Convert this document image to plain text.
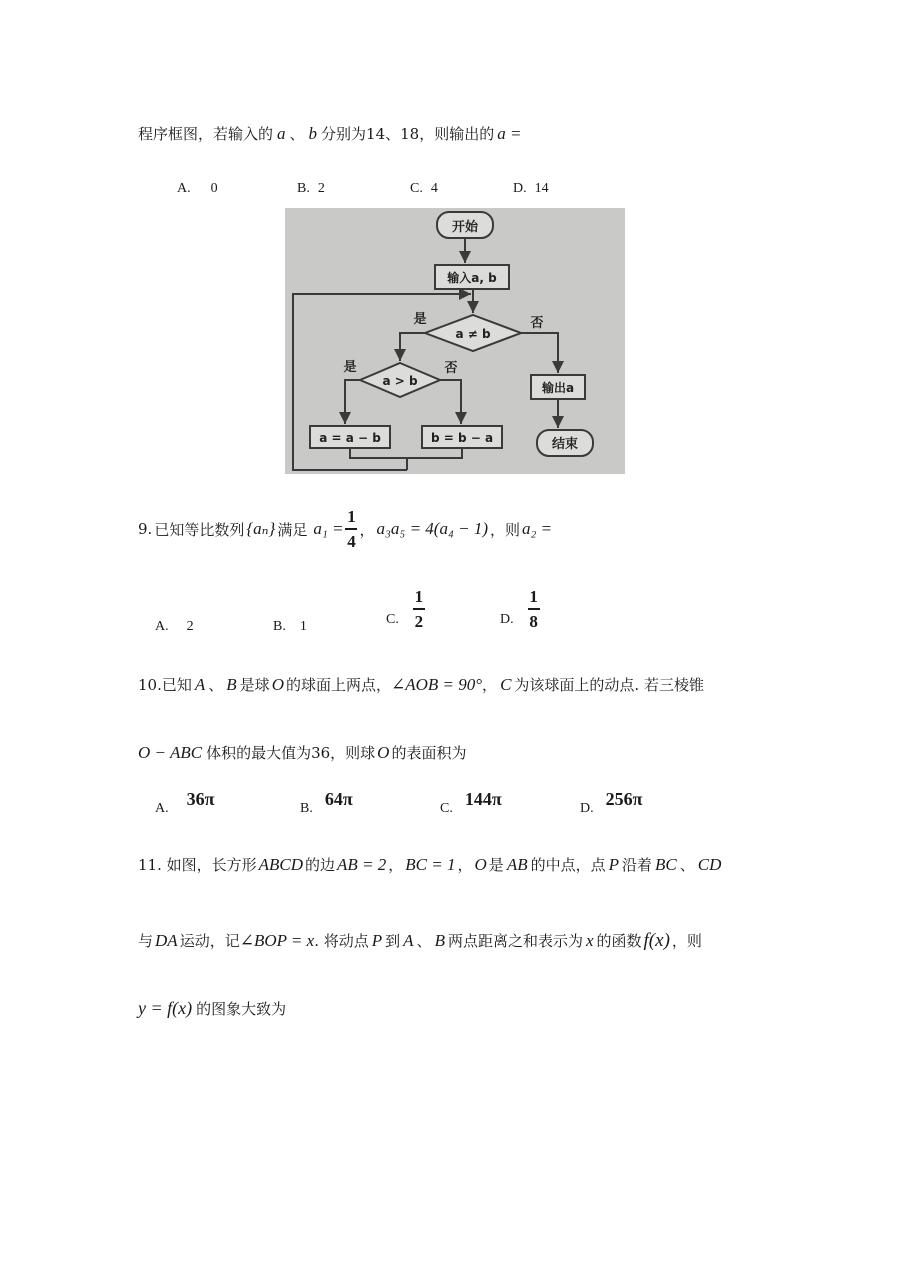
程序框图，若输入的 a 、 b 分别为14、18，则输出的 a =
A. 0	B. 2	C. 4	D. 14
开始
输入a, b
a ≠ b
是	否
a > b
是	否
a = a − b	b = b − a
输出a
结束
9. 已知等比数列 {aₙ} 满足 $a_1 = \frac{1}{4}$ ， a₃a₅ = 4(a₄ − 1) ，则 a₂ =
A. 2	B. 1	C. $\frac{1}{2}$	D. $\frac{1}{8}$
10.已知 A 、 B 是球 O 的球面上两点，∠AOB = 90°， C 为该球面上的动点. 若三棱锥
O − ABC 体积的最大值为36，则球 O 的表面积为
A. 36π	B. 64π	C. 144π	D. 256π
11. 如图，长方形 ABCD 的边 AB = 2 ， BC = 1 ， O 是 AB 的中点，点 P 沿着 BC 、 CD
与 DA 运动，记∠BOP = x. 将动点 P 到 A 、 B 两点距离之和表示为 x 的函数 f(x) ，则
y = f(x) 的图象大致为
